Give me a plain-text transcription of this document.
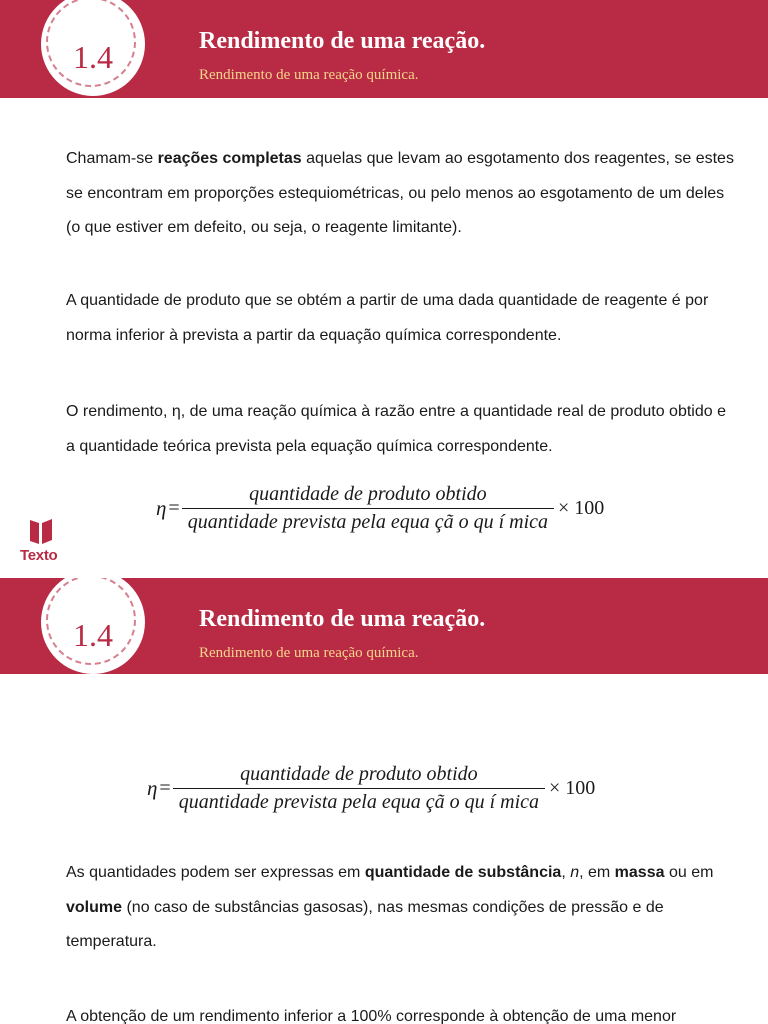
1.4	Rendimento de uma reação.
Rendimento de uma reação química.

Chamam-se reações completas aquelas que levam ao esgotamento dos reagentes, se estes se encontram em proporções estequiométricas, ou pelo menos ao esgotamento de um deles (o que estiver em defeito, ou seja, o reagente limitante).

A quantidade de produto que se obtém a partir de uma dada quantidade de reagente é por norma inferior à prevista a partir da equação química correspondente.

O rendimento, η, de uma reação química à razão entre a quantidade real de produto obtido e a quantidade teórica prevista pela equação química correspondente.

$\eta = \frac{\text{quantidade de produto obtido}}{\text{quantidade prevista pela equa çã o qu í mica}} \times 100$
Texto
1.4	Rendimento de uma reação.
Rendimento de uma reação química.
$\eta = \frac{\text{quantidade de produto obtido}}{\text{quantidade prevista pela equa çã o qu í mica}} \times 100$

As quantidades podem ser expressas em quantidade de substância, n, em massa ou em volume (no caso de substâncias gasosas), nas mesmas condições de pressão e de temperatura.

A obtenção de um rendimento inferior a 100% corresponde à obtenção de uma menor
